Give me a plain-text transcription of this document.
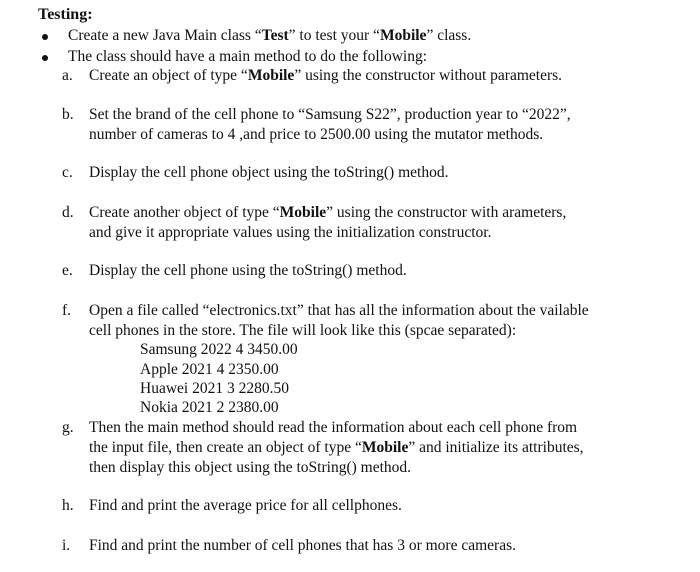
Testing:
Create a new Java Main class “Test” to test your “Mobile” class.
The class should have a main method to do the following:
a. Create an object of type “Mobile” using the constructor without parameters.
b. Set the brand of the cell phone to “Samsung S22”, production year to “2022”,
number of cameras to 4 ,and price to 2500.00 using the mutator methods.
c. Display the cell phone object using the toString() method.
d. Create another object of type “Mobile” using the constructor with arameters,
and give it appropriate values using the initialization constructor.
e. Display the cell phone using the toString() method.
f. Open a file called “electronics.txt” that has all the information about the vailable
cell phones in the store. The file will look like this (spcae separated):
Samsung 2022 4 3450.00
Apple 2021 4 2350.00
Huawei 2021 3 2280.50
Nokia 2021 2 2380.00
g. Then the main method should read the information about each cell phone from
the input file, then create an object of type “Mobile” and initialize its attributes,
then display this object using the toString() method.
h. Find and print the average price for all cellphones.
i. Find and print the number of cell phones that has 3 or more cameras.
